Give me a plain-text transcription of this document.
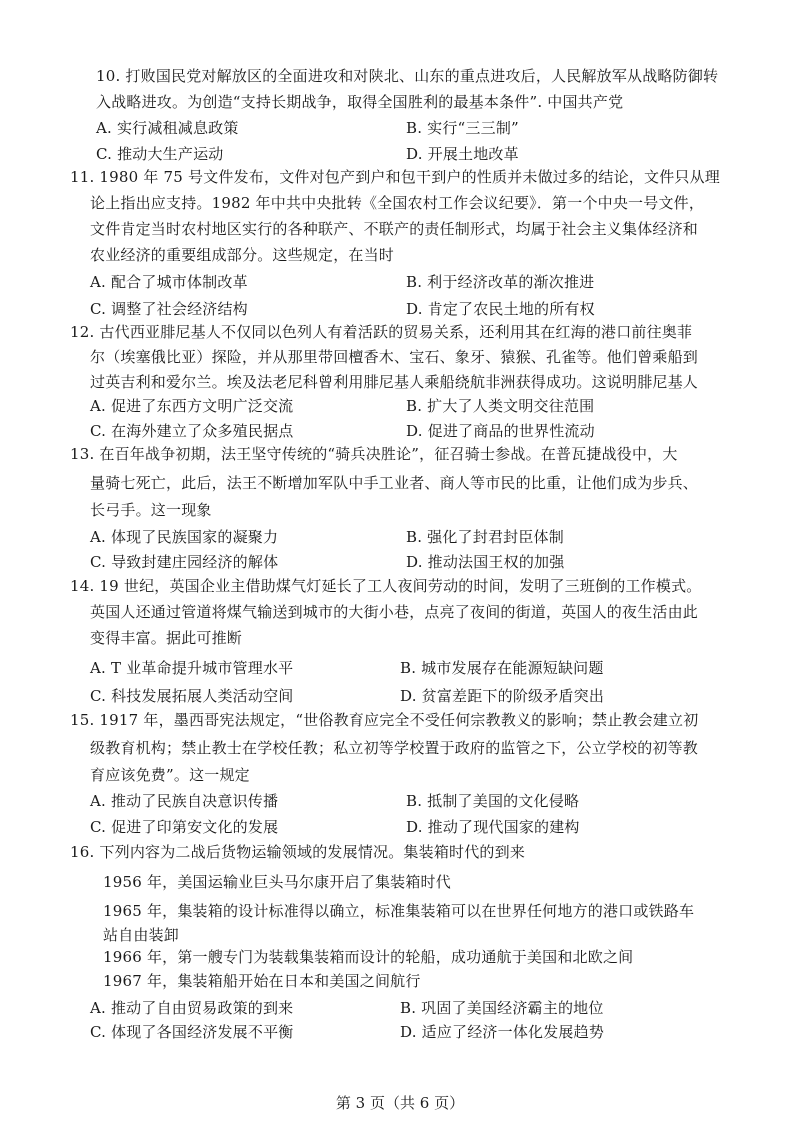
10. 打败国民党对解放区的全面进攻和对陕北、山东的重点进攻后，人民解放军从战略防御转
入战略进攻。为创造“支持长期战争，取得全国胜利的最基本条件”. 中国共产党
A. 实行减租减息政策	B. 实行“三三制”
C. 推动大生产运动	D. 开展土地改革
11. 1980 年 75 号文件发布，文件对包产到户和包干到户的性质并未做过多的结论，文件只从理
论上指出应支持。1982 年中共中央批转《全国农村工作会议纪要》．第一个中央一号文件，
文件肯定当时农村地区实行的各种联产、不联产的责任制形式，均属于社会主义集体经济和
农业经济的重要组成部分。这些规定，在当时
A. 配合了城市体制改革	B. 利于经济改革的渐次推进
C. 调整了社会经济结构	D. 肯定了农民土地的所有权
12. 古代西亚腓尼基人不仅同以色列人有着活跃的贸易关系，还利用其在红海的港口前往奥菲
尔（埃塞俄比亚）探险，并从那里带回檀香木、宝石、象牙、猿猴、孔雀等。他们曾乘船到
过英吉利和爱尔兰。埃及法老尼科曾利用腓尼基人乘船绕航非洲获得成功。这说明腓尼基人
A. 促进了东西方文明广泛交流	B. 扩大了人类文明交往范围
C. 在海外建立了众多殖民据点	D. 促进了商品的世界性流动
13. 在百年战争初期，法王坚守传统的“骑兵决胜论”，征召骑士参战。在普瓦捷战役中，大
量骑七死亡，此后，法王不断增加军队中手工业者、商人等市民的比重，让他们成为步兵、
长弓手。这一现象
A. 体现了民族国家的凝聚力	B. 强化了封君封臣体制
C. 导致封建庄园经济的解体	D. 推动法国王权的加强
14. 19 世纪，英国企业主借助煤气灯延长了工人夜间劳动的时间，发明了三班倒的工作模式。
英国人还通过管道将煤气输送到城市的大街小巷，点亮了夜间的街道，英国人的夜生活由此
变得丰富。据此可推断
A. T 业革命提升城市管理水平	B. 城市发展存在能源短缺问题
C. 科技发展拓展人类活动空间	D. 贫富差距下的阶级矛盾突出
15. 1917 年，墨西哥宪法规定，“世俗教育应完全不受任何宗教教义的影响；禁止教会建立初
级教育机构；禁止教士在学校任教；私立初等学校置于政府的监管之下，公立学校的初等教
育应该免费”。这一规定
A. 推动了民族自决意识传播	B. 抵制了美国的文化侵略
C. 促进了印第安文化的发展	D. 推动了现代国家的建构
16. 下列内容为二战后货物运输领域的发展情况。集装箱时代的到来
1956 年，美国运输业巨头马尔康开启了集装箱时代
1965 年，集装箱的设计标准得以确立，标准集装箱可以在世界任何地方的港口或铁路车
站自由装卸
1966 年，第一艘专门为装载集装箱而设计的轮船，成功通航于美国和北欧之间
1967 年，集装箱船开始在日本和美国之间航行
A. 推动了自由贸易政策的到来	B. 巩固了美国经济霸主的地位
C. 体现了各国经济发展不平衡	D. 适应了经济一体化发展趋势
第 3 页（共 6 页）
